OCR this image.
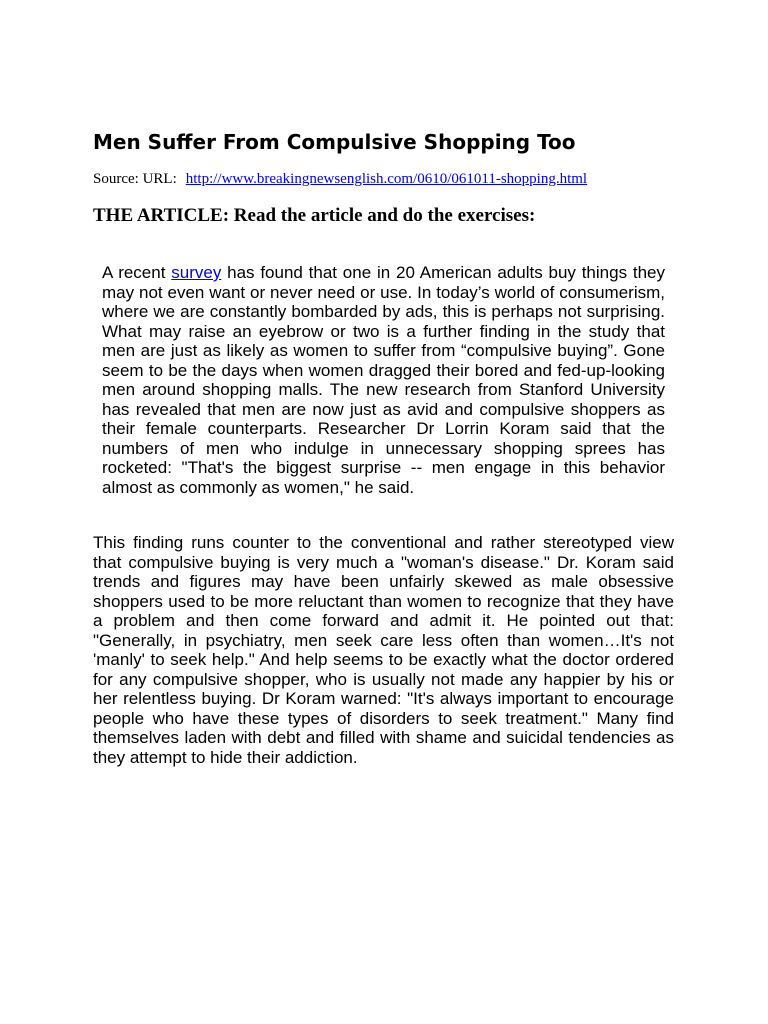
Men Suffer From Compulsive Shopping Too

Source: URL: http://www.breakingnewsenglish.com/0610/061011-shopping.html

THE ARTICLE: Read the article and do the exercises:

A recent survey has found that one in 20 American adults buy things they may not even want or never need or use. In today’s world of consumerism, where we are constantly bombarded by ads, this is perhaps not surprising. What may raise an eyebrow or two is a further finding in the study that men are just as likely as women to suffer from “compulsive buying”. Gone seem to be the days when women dragged their bored and fed-up-looking men around shopping malls. The new research from Stanford University has revealed that men are now just as avid and compulsive shoppers as their female counterparts. Researcher Dr Lorrin Koram said that the numbers of men who indulge in unnecessary shopping sprees has rocketed: "That's the biggest surprise -- men engage in this behavior almost as commonly as women," he said.

This finding runs counter to the conventional and rather stereotyped view that compulsive buying is very much a "woman's disease." Dr. Koram said trends and figures may have been unfairly skewed as male obsessive shoppers used to be more reluctant than women to recognize that they have a problem and then come forward and admit it. He pointed out that: "Generally, in psychiatry, men seek care less often than women…It's not 'manly' to seek help." And help seems to be exactly what the doctor ordered for any compulsive shopper, who is usually not made any happier by his or her relentless buying. Dr Koram warned: "It's always important to encourage people who have these types of disorders to seek treatment." Many find themselves laden with debt and filled with shame and suicidal tendencies as they attempt to hide their addiction.
